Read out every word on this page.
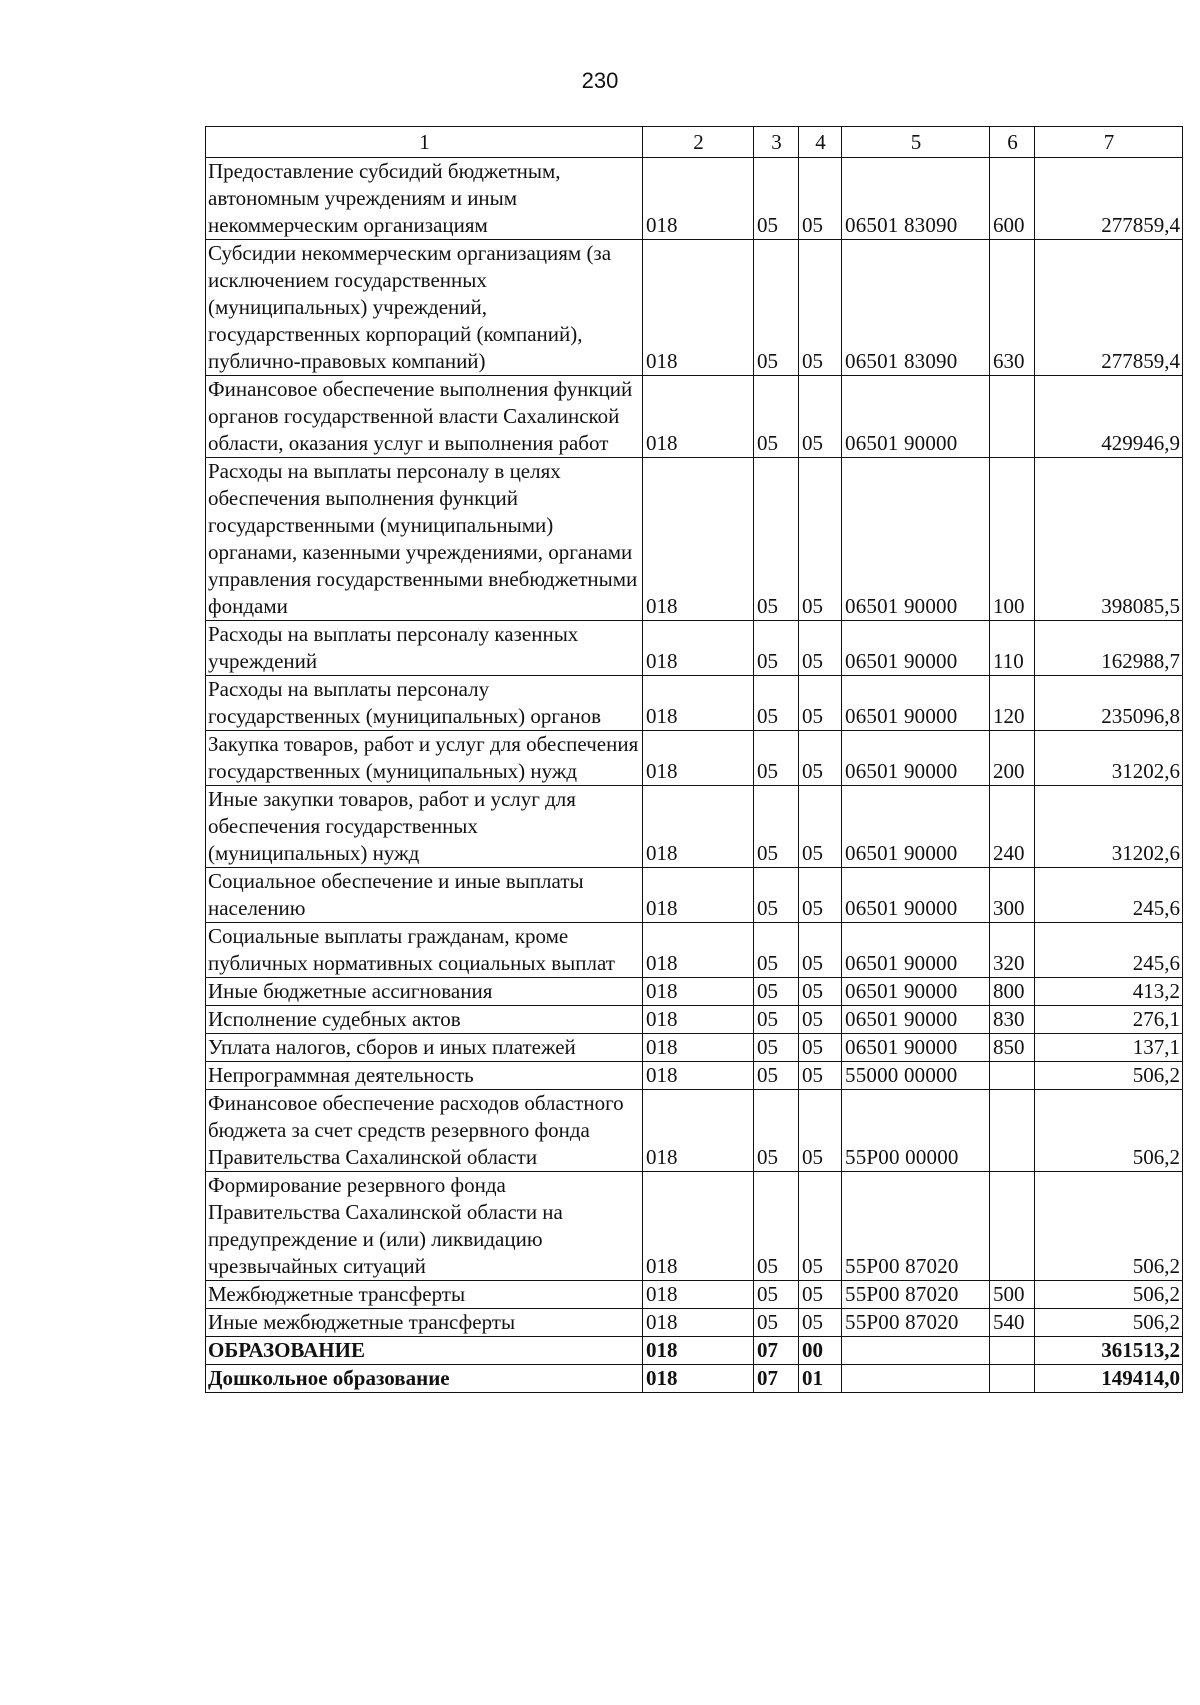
230
1	2	3	4	5	6	7
Предоставление субсидий бюджетным, автономным учреждениям и иным некоммерческим организациям	018	05	05	06501 83090	600	277859,4
Субсидии некоммерческим организациям (за исключением государственных (муниципальных) учреждений, государственных корпораций (компаний), публично-правовых компаний)	018	05	05	06501 83090	630	277859,4
Финансовое обеспечение выполнения функций органов государственной власти Сахалинской области, оказания услуг и выполнения работ	018	05	05	06501 90000		429946,9
Расходы на выплаты персоналу в целях обеспечения выполнения функций государственными (муниципальными) органами, казенными учреждениями, органами управления государственными внебюджетными фондами	018	05	05	06501 90000	100	398085,5
Расходы на выплаты персоналу казенных учреждений	018	05	05	06501 90000	110	162988,7
Расходы на выплаты персоналу государственных (муниципальных) органов	018	05	05	06501 90000	120	235096,8
Закупка товаров, работ и услуг для обеспечения государственных (муниципальных) нужд	018	05	05	06501 90000	200	31202,6
Иные закупки товаров, работ и услуг для обеспечения государственных (муниципальных) нужд	018	05	05	06501 90000	240	31202,6
Социальное обеспечение и иные выплаты населению	018	05	05	06501 90000	300	245,6
Социальные выплаты гражданам, кроме публичных нормативных социальных выплат	018	05	05	06501 90000	320	245,6
Иные бюджетные ассигнования	018	05	05	06501 90000	800	413,2
Исполнение судебных актов	018	05	05	06501 90000	830	276,1
Уплата налогов, сборов и иных платежей	018	05	05	06501 90000	850	137,1
Непрограммная деятельность	018	05	05	55000 00000		506,2
Финансовое обеспечение расходов областного бюджета за счет средств резервного фонда Правительства Сахалинской области	018	05	05	55Р00 00000		506,2
Формирование резервного фонда Правительства Сахалинской области на предупреждение и (или) ликвидацию чрезвычайных ситуаций	018	05	05	55Р00 87020		506,2
Межбюджетные трансферты	018	05	05	55Р00 87020	500	506,2
Иные межбюджетные трансферты	018	05	05	55Р00 87020	540	506,2
ОБРАЗОВАНИЕ	018	07	00			361513,2
Дошкольное образование	018	07	01			149414,0
